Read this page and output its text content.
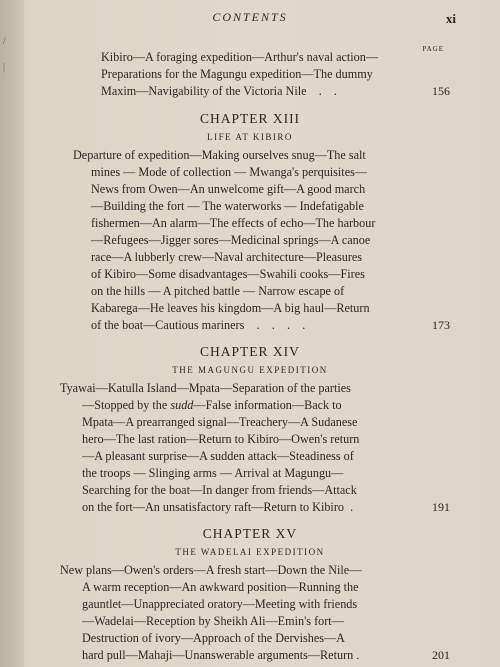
/
|
CONTENTS	xi
PAGE
Kibiro—A foraging expedition—Arthur's naval action—
Preparations for the Magungu expedition—The dummy
Maxim—Navigability of the Victoria Nile    .    .	156
CHAPTER XIII
LIFE AT KIBIRO
Departure of expedition—Making ourselves snug—The salt
mines — Mode of collection — Mwanga's perquisites—
News from Owen—An unwelcome gift—A good march
—Building the fort — The waterworks — Indefatigable
fishermen—An alarm—The effects of echo—The harbour
—Refugees—Jigger sores—Medicinal springs—A canoe
race—A lubberly crew—Naval architecture—Pleasures
of Kibiro—Some disadvantages—Swahili cooks—Fires
on the hills — A pitched battle — Narrow escape of
Kabarega—He leaves his kingdom—A big haul—Return
of the boat—Cautious mariners    .    .    .    .	173
CHAPTER XIV
THE MAGUNGU EXPEDITION
Tyawai—Katulla Island—Mpata—Separation of the parties
—Stopped by the sudd—False information—Back to
Mpata—A prearranged signal—Treachery—A Sudanese
hero—The last ration—Return to Kibiro—Owen's return
—A pleasant surprise—A sudden attack—Steadiness of
the troops — Slinging arms — Arrival at Magungu—
Searching for the boat—In danger from friends—Attack
on the fort—An unsatisfactory raft—Return to Kibiro  .	191
CHAPTER XV
THE WADELAI EXPEDITION
New plans—Owen's orders—A fresh start—Down the Nile—
A warm reception—An awkward position—Running the
gauntlet—Unappreciated oratory—Meeting with friends
—Wadelai—Reception by Sheikh Ali—Emin's fort—
Destruction of ivory—Approach of the Dervishes—A
hard pull—Mahaji—Unanswerable arguments—Return .	201
